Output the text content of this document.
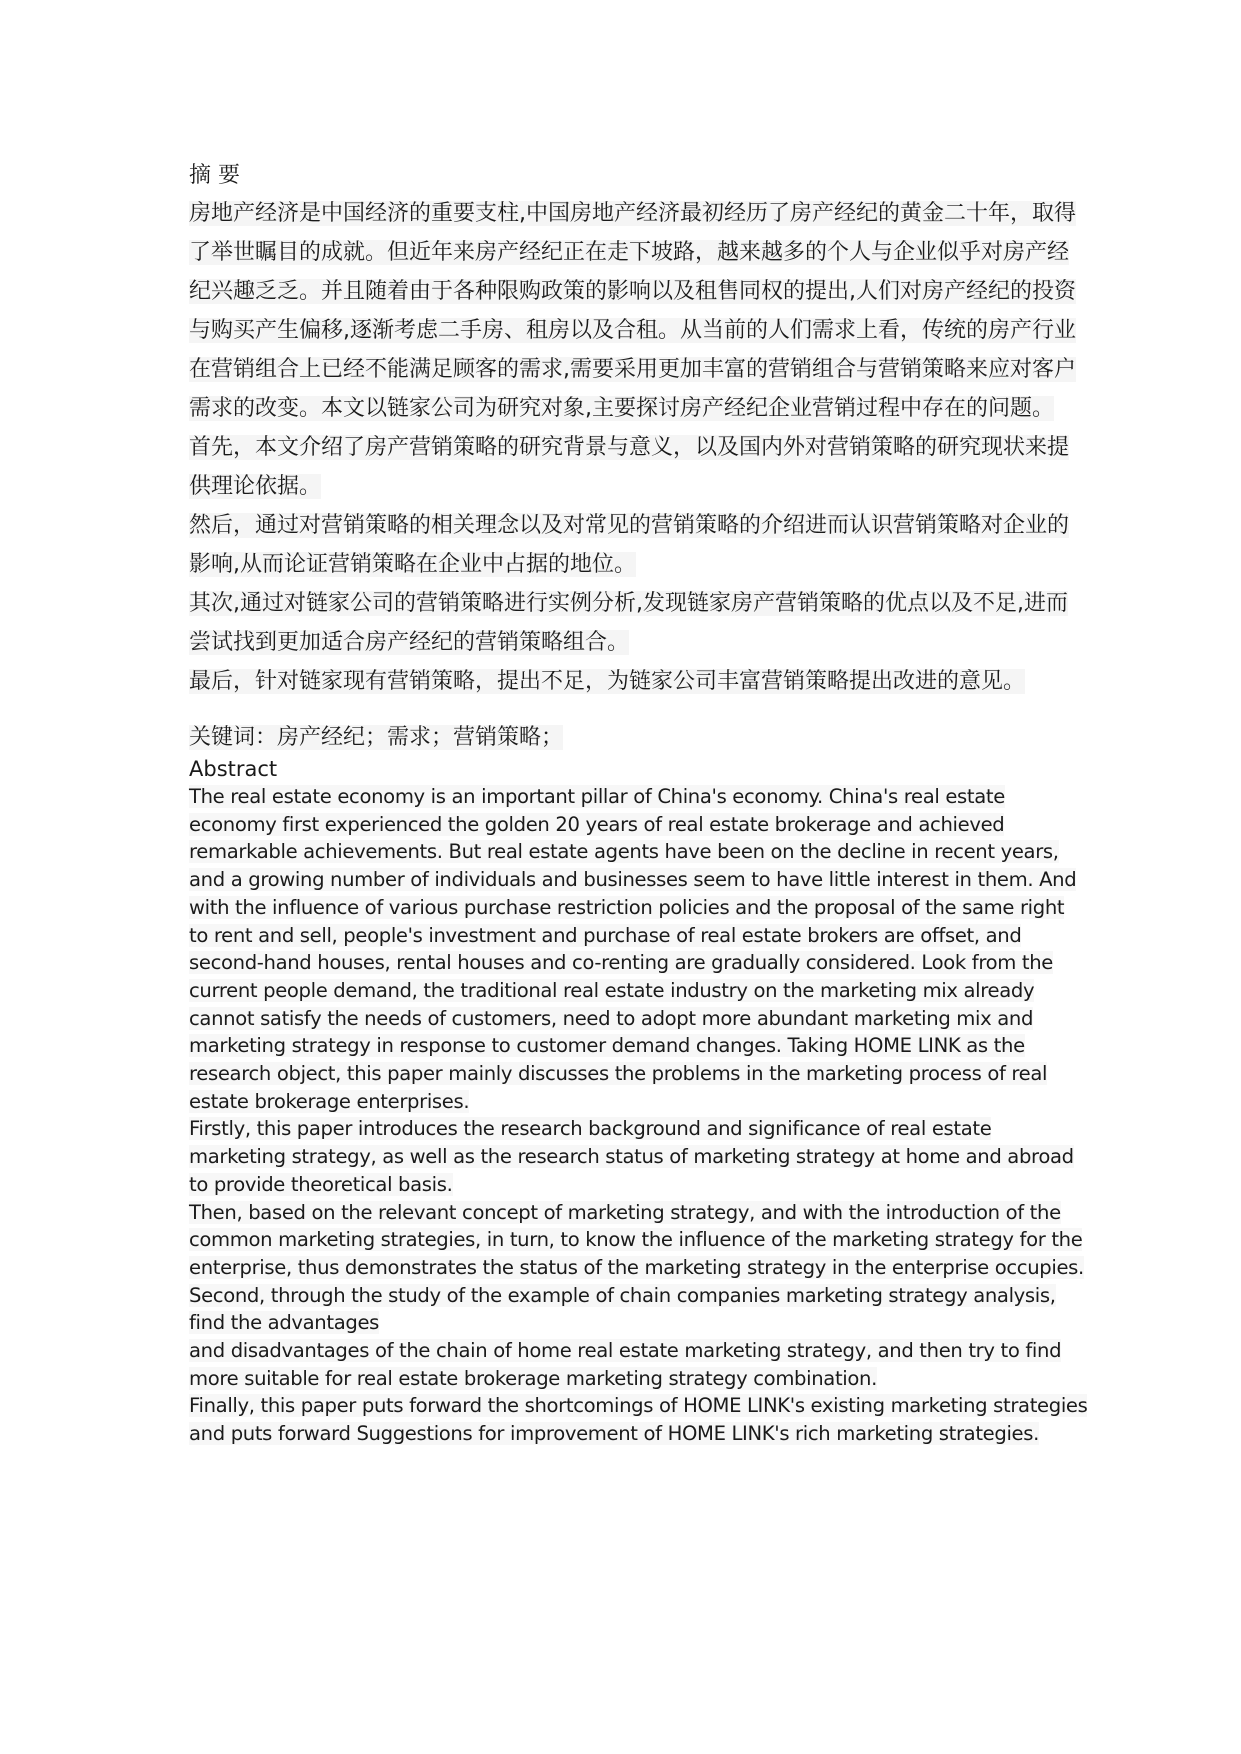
摘 要

房地产经济是中国经济的重要支柱,中国房地产经济最初经历了房产经纪的黄金二十年，取得了举世瞩目的成就。但近年来房产经纪正在走下坡路，越来越多的个人与企业似乎对房产经纪兴趣乏乏。并且随着由于各种限购政策的影响以及租售同权的提出,人们对房产经纪的投资与购买产生偏移,逐渐考虑二手房、租房以及合租。从当前的人们需求上看，传统的房产行业在营销组合上已经不能满足顾客的需求,需要采用更加丰富的营销组合与营销策略来应对客户需求的改变。本文以链家公司为研究对象,主要探讨房产经纪企业营销过程中存在的问题。

首先，本文介绍了房产营销策略的研究背景与意义，以及国内外对营销策略的研究现状来提供理论依据。

然后，通过对营销策略的相关理念以及对常见的营销策略的介绍进而认识营销策略对企业的影响,从而论证营销策略在企业中占据的地位。

其次,通过对链家公司的营销策略进行实例分析,发现链家房产营销策略的优点以及不足,进而尝试找到更加适合房产经纪的营销策略组合。

最后，针对链家现有营销策略，提出不足，为链家公司丰富营销策略提出改进的意见。

关键词：房产经纪；需求；营销策略；
Abstract

The real estate economy is an important pillar of China's economy. China's real estate economy first experienced the golden 20 years of real estate brokerage and achieved remarkable achievements. But real estate agents have been on the decline in recent years, and a growing number of individuals and businesses seem to have little interest in them. And with the influence of various purchase restriction policies and the proposal of the same right to rent and sell, people's investment and purchase of real estate brokers are offset, and second-hand houses, rental houses and co-renting are gradually considered. Look from the current people demand, the traditional real estate industry on the marketing mix already cannot satisfy the needs of customers, need to adopt more abundant marketing mix and marketing strategy in response to customer demand changes. Taking HOME LINK as the research object, this paper mainly discusses the problems in the marketing process of real estate brokerage enterprises.

Firstly, this paper introduces the research background and significance of real estate marketing strategy, as well as the research status of marketing strategy at home and abroad to provide theoretical basis.

Then, based on the relevant concept of marketing strategy, and with the introduction of the common marketing strategies, in turn, to know the influence of the marketing strategy for the enterprise, thus demonstrates the status of the marketing strategy in the enterprise occupies.

Second, through the study of the example of chain companies marketing strategy analysis, find the advantages

and disadvantages of the chain of home real estate marketing strategy, and then try to find more suitable for real estate brokerage marketing strategy combination.

Finally, this paper puts forward the shortcomings of HOME LINK's existing marketing strategies and puts forward Suggestions for improvement of HOME LINK's rich marketing strategies.
